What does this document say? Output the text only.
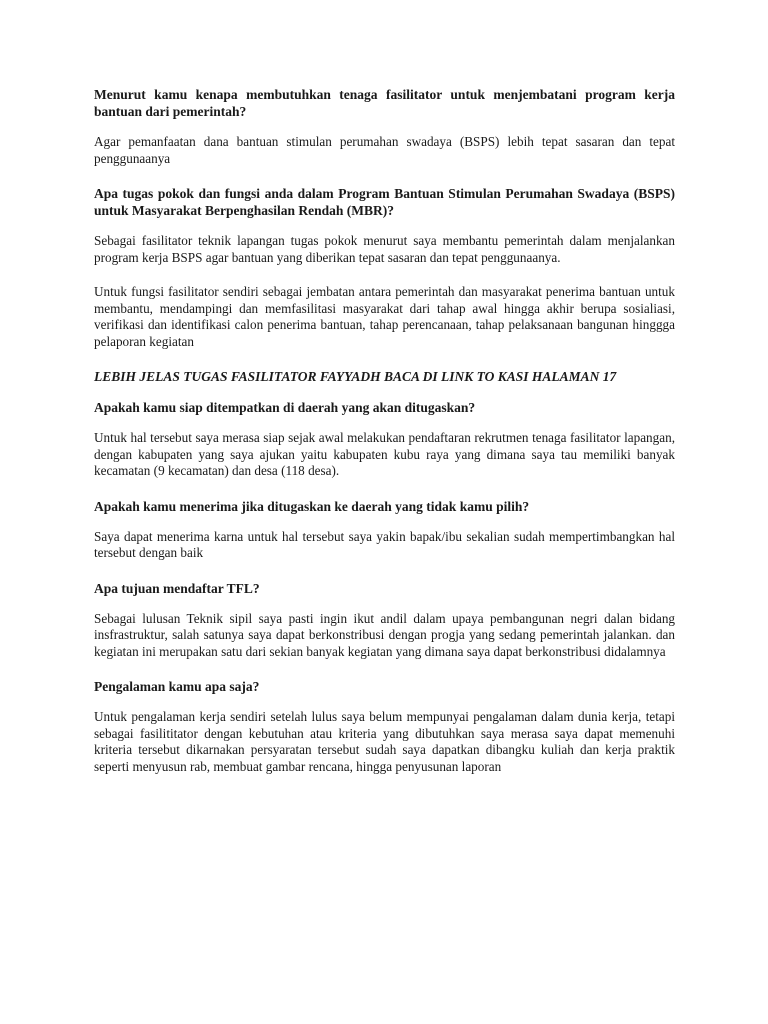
Menurut kamu kenapa membutuhkan tenaga fasilitator untuk menjembatani program kerja bantuan dari pemerintah?

Agar pemanfaatan dana bantuan stimulan perumahan swadaya (BSPS) lebih tepat sasaran dan tepat penggunaanya

Apa tugas pokok dan fungsi anda dalam Program Bantuan Stimulan Perumahan Swadaya (BSPS) untuk Masyarakat Berpenghasilan Rendah (MBR)?

Sebagai fasilitator teknik lapangan tugas pokok menurut saya membantu pemerintah dalam menjalankan program kerja BSPS agar bantuan yang diberikan tepat sasaran dan tepat penggunaanya.

Untuk fungsi fasilitator sendiri sebagai jembatan antara pemerintah dan masyarakat penerima bantuan untuk membantu, mendampingi dan memfasilitasi masyarakat dari tahap awal hingga akhir berupa sosialiasi, verifikasi dan identifikasi calon penerima bantuan, tahap perencanaan, tahap pelaksanaan bangunan hinggga pelaporan kegiatan

LEBIH JELAS TUGAS FASILITATOR FAYYADH BACA DI LINK TO KASI HALAMAN 17

Apakah kamu siap ditempatkan di daerah yang akan ditugaskan?

Untuk hal tersebut saya merasa siap sejak awal melakukan pendaftaran rekrutmen tenaga fasilitator lapangan, dengan kabupaten yang saya ajukan yaitu kabupaten kubu raya yang dimana saya tau memiliki banyak kecamatan (9 kecamatan) dan desa (118 desa).

Apakah kamu menerima jika ditugaskan ke daerah yang tidak kamu pilih?

Saya dapat menerima karna untuk hal tersebut saya yakin bapak/ibu sekalian sudah mempertimbangkan hal tersebut dengan baik

Apa tujuan mendaftar TFL?

Sebagai lulusan Teknik sipil saya pasti ingin ikut andil dalam upaya pembangunan negri dalan bidang insfrastruktur, salah satunya saya dapat berkonstribusi dengan progja yang sedang pemerintah jalankan. dan kegiatan ini merupakan satu dari sekian banyak kegiatan yang dimana saya dapat berkonstribusi didalamnya

Pengalaman kamu apa saja?

Untuk pengalaman kerja sendiri setelah lulus saya belum mempunyai pengalaman dalam dunia kerja, tetapi sebagai fasilititator dengan kebutuhan atau kriteria yang dibutuhkan saya merasa saya dapat memenuhi kriteria tersebut dikarnakan persyaratan tersebut sudah saya dapatkan dibangku kuliah dan kerja praktik seperti menyusun rab, membuat gambar rencana, hingga penyusunan laporan
